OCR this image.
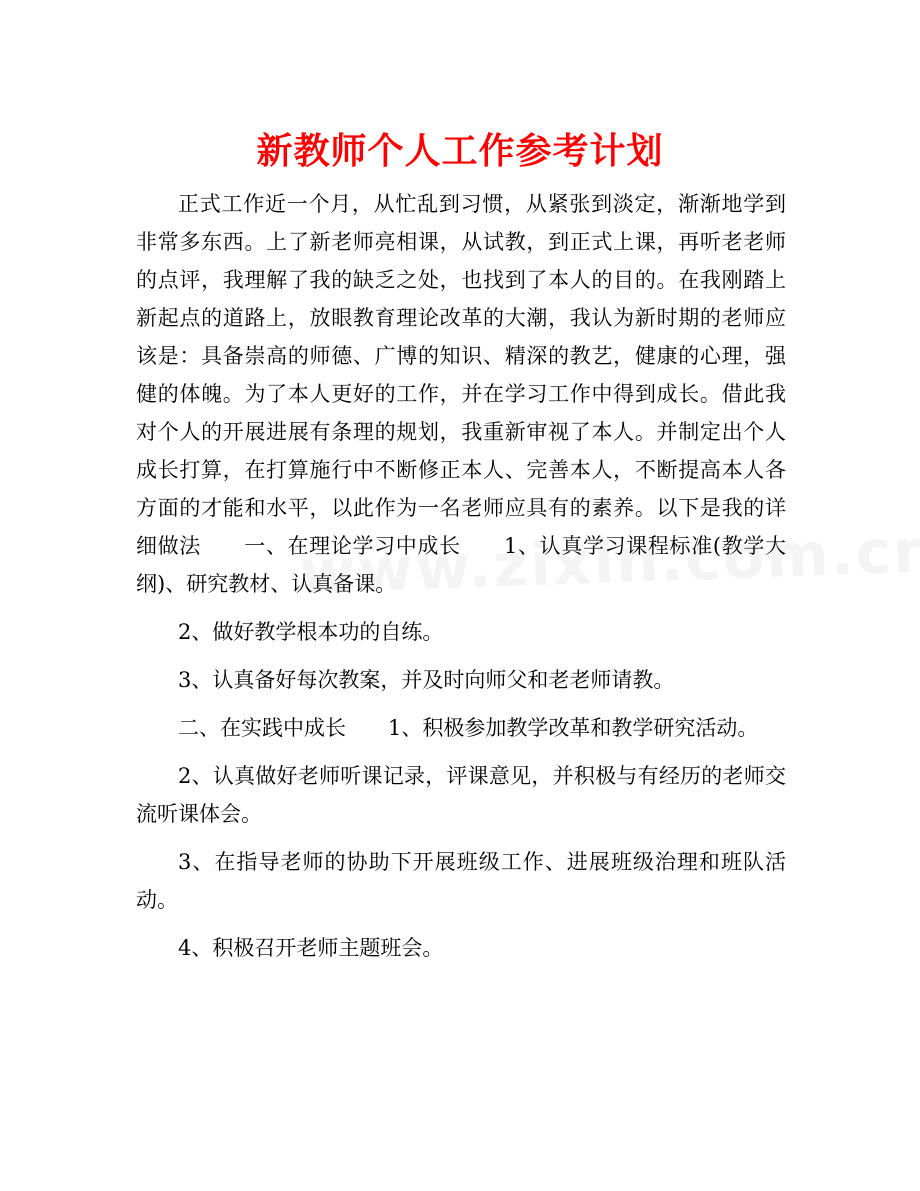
新教师个人工作参考计划

正式工作近一个月，从忙乱到习惯，从紧张到淡定，渐渐地学到非常多东西。上了新老师亮相课，从试教，到正式上课，再听老老师的点评，我理解了我的缺乏之处，也找到了本人的目的。在我刚踏上新起点的道路上，放眼教育理论改革的大潮，我认为新时期的老师应该是：具备崇高的师德、广博的知识、精深的教艺，健康的心理，强健的体魄。为了本人更好的工作，并在学习工作中得到成长。借此我对个人的开展进展有条理的规划，我重新审视了本人。并制定出个人成长打算，在打算施行中不断修正本人、完善本人，不断提高本人各方面的才能和水平，以此作为一名老师应具有的素养。以下是我的详细做法　　一、在理论学习中成长　　1、认真学习课程标准(教学大纲)、研究教材、认真备课。

2、做好教学根本功的自练。

3、认真备好每次教案，并及时向师父和老老师请教。

二、在实践中成长　　1、积极参加教学改革和教学研究活动。

2、认真做好老师听课记录，评课意见，并积极与有经历的老师交流听课体会。

3、在指导老师的协助下开展班级工作、进展班级治理和班队活动。

4、积极召开老师主题班会。
